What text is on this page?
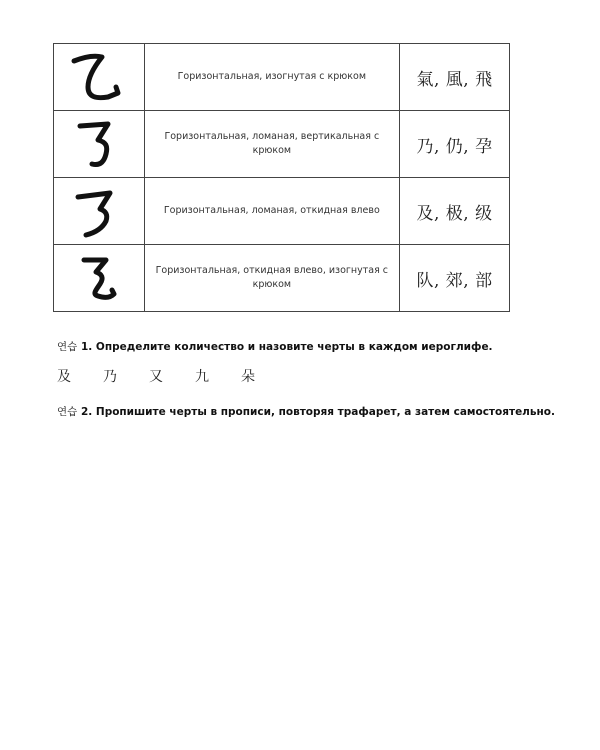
	Горизонтальная, изогнутая с крюком	氣, 風, 飛

	Горизонтальная, ломаная, вертикальная с крюком	乃, 仍, 孕

	Горизонтальная, ломаная, откидная влево	及, 极, 级

	Горизонтальная, откидная влево, изогнутая с крюком	队, 郊, 部
연습 1. Определите количество и назовите черты в каждом иероглифе.
及	乃	又	九	朵
연습 2. Пропишите черты в прописи, повторяя трафарет, а затем самостоятельно.
